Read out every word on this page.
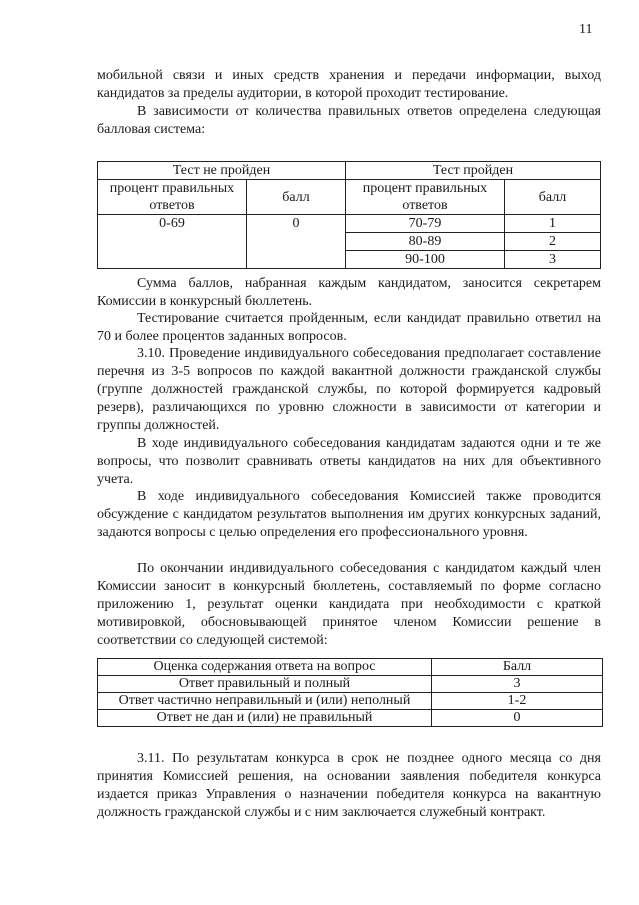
11

мобильной связи и иных средств хранения и передачи информации, выход кандидатов за пределы аудитории, в которой проходит тестирование.

В зависимости от количества правильных ответов определена следующая балловая система:

Тест не пройден		Тест пройден	
процент правильных ответов	балл	процент правильных ответов	балл
0-69	0	70-79	1
		80-89	2
		90-100	3

Сумма баллов, набранная каждым кандидатом, заносится секретарем Комиссии в конкурсный бюллетень.

Тестирование считается пройденным, если кандидат правильно ответил на 70 и более процентов заданных вопросов.

3.10. Проведение индивидуального собеседования предполагает составление перечня из 3-5 вопросов по каждой вакантной должности гражданской службы (группе должностей гражданской службы, по которой формируется кадровый резерв), различающихся по уровню сложности в зависимости от категории и группы должностей.

В ходе индивидуального собеседования кандидатам задаются одни и те же вопросы, что позволит сравнивать ответы кандидатов на них для объективного учета.

В ходе индивидуального собеседования Комиссией также проводится обсуждение с кандидатом результатов выполнения им других конкурсных заданий, задаются вопросы с целью определения его профессионального уровня.

По окончании индивидуального собеседования с кандидатом каждый член Комиссии заносит в конкурсный бюллетень, составляемый по форме согласно приложению 1, результат оценки кандидата при необходимости с краткой мотивировкой, обосновывающей принятое членом Комиссии решение в соответствии со следующей системой:

Оценка содержания ответа на вопрос	Балл
Ответ правильный и полный	3
Ответ частично неправильный и (или) неполный	1-2
Ответ не дан и (или) не правильный	0

3.11. По результатам конкурса в срок не позднее одного месяца со дня принятия Комиссией решения, на основании заявления победителя конкурса издается приказ Управления о назначении победителя конкурса на вакантную должность гражданской службы и с ним заключается служебный контракт.
